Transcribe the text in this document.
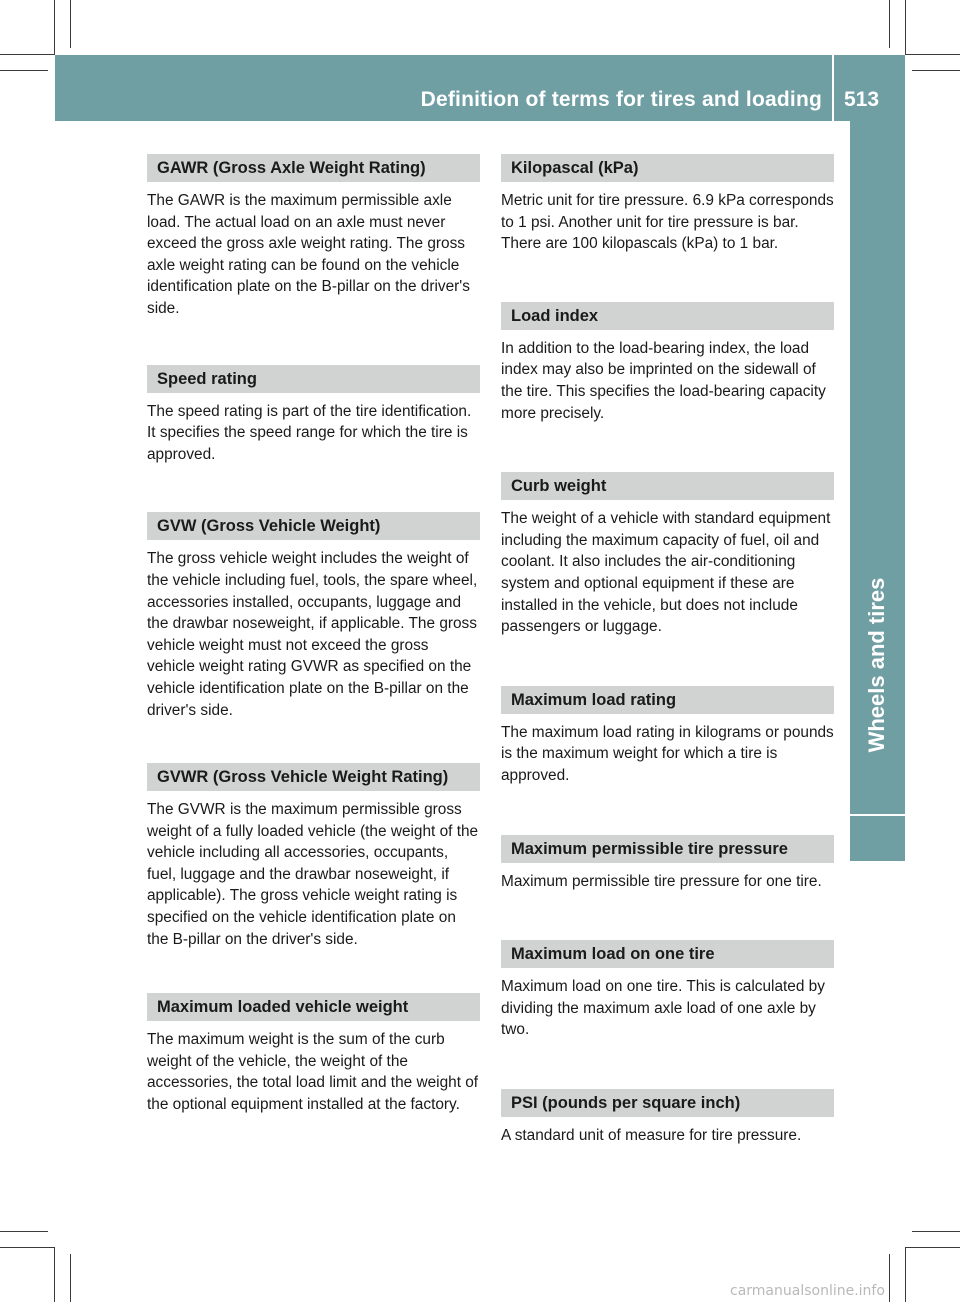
Definition of terms for tires and loading 513
Wheels and tires
GAWR (Gross Axle Weight Rating)

The GAWR is the maximum permissible axle load. The actual load on an axle must never exceed the gross axle weight rating. The gross axle weight rating can be found on the vehicle identification plate on the B-pillar on the driver's side.

Speed rating

The speed rating is part of the tire identification. It specifies the speed range for which the tire is approved.

GVW (Gross Vehicle Weight)

The gross vehicle weight includes the weight of the vehicle including fuel, tools, the spare wheel, accessories installed, occupants, luggage and the drawbar noseweight, if applicable. The gross vehicle weight must not exceed the gross vehicle weight rating GVWR as specified on the vehicle identification plate on the B-pillar on the driver's side.

GVWR (Gross Vehicle Weight Rating)

The GVWR is the maximum permissible gross weight of a fully loaded vehicle (the weight of the vehicle including all accessories, occupants, fuel, luggage and the drawbar noseweight, if applicable). The gross vehicle weight rating is specified on the vehicle identification plate on the B-pillar on the driver's side.

Maximum loaded vehicle weight

The maximum weight is the sum of the curb weight of the vehicle, the weight of the accessories, the total load limit and the weight of the optional equipment installed at the factory.

Kilopascal (kPa)

Metric unit for tire pressure. 6.9 kPa corresponds to 1 psi. Another unit for tire pressure is bar. There are 100 kilopascals (kPa) to 1 bar.

Load index

In addition to the load-bearing index, the load index may also be imprinted on the sidewall of the tire. This specifies the load-bearing capacity more precisely.

Curb weight

The weight of a vehicle with standard equipment including the maximum capacity of fuel, oil and coolant. It also includes the air-conditioning system and optional equipment if these are installed in the vehicle, but does not include passengers or luggage.

Maximum load rating

The maximum load rating in kilograms or pounds is the maximum weight for which a tire is approved.

Maximum permissible tire pressure

Maximum permissible tire pressure for one tire.

Maximum load on one tire

Maximum load on one tire. This is calculated by dividing the maximum axle load of one axle by two.

PSI (pounds per square inch)

A standard unit of measure for tire pressure.

carmanualsonline.info
